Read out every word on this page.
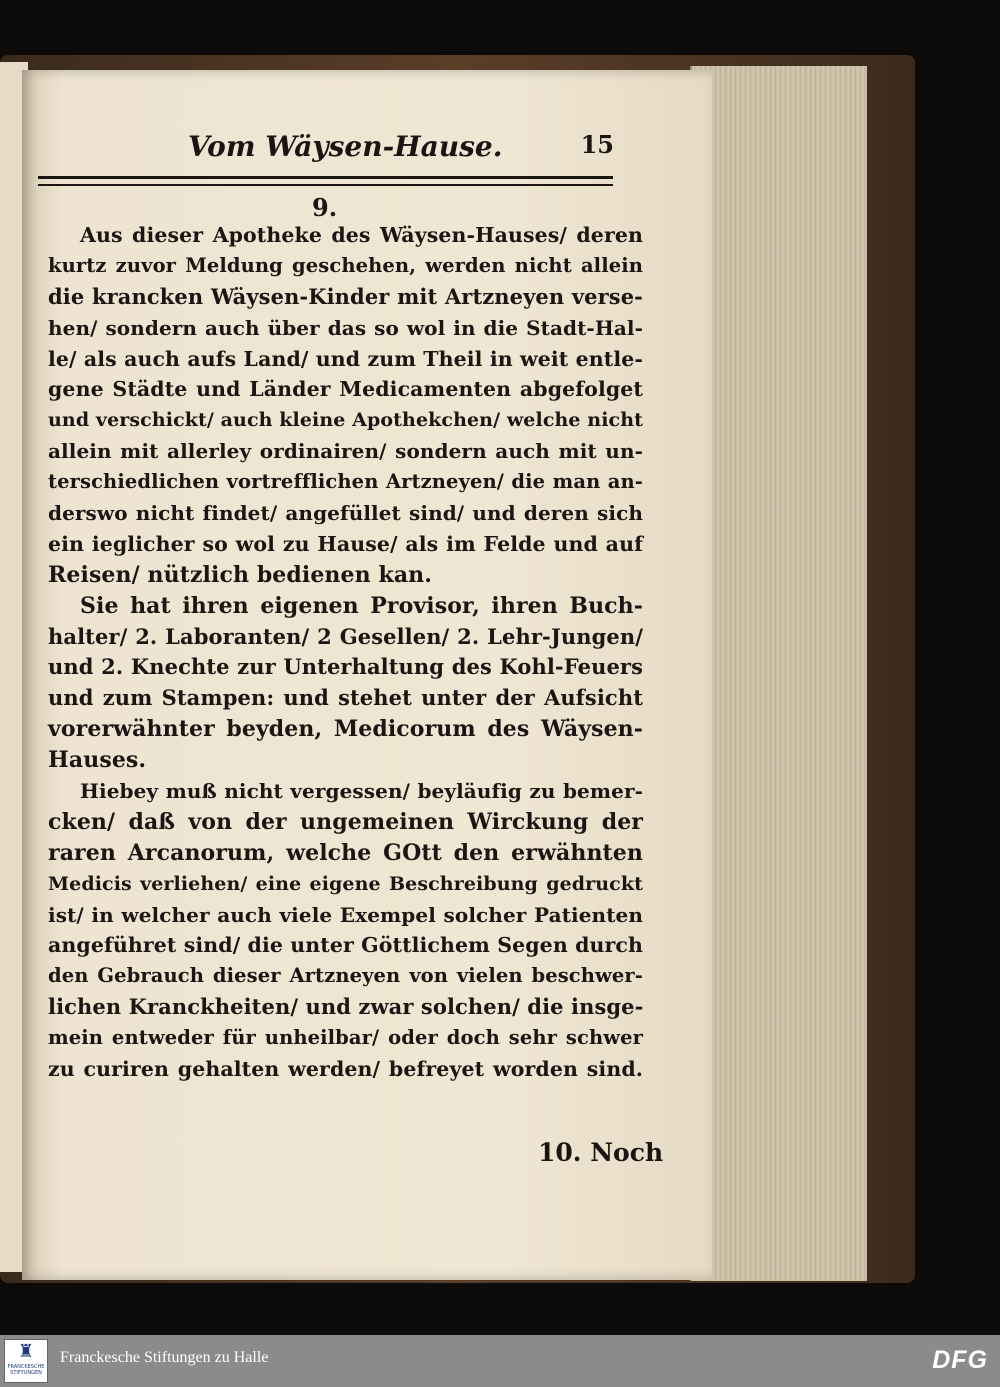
Vom Wäysen-Hause.	15
9.
Aus dieser Apotheke des Wäysen-Hauses/ deren
kurtz zuvor Meldung geschehen, werden nicht allein
die krancken Wäysen-Kinder mit Artzneyen verse-
hen/ sondern auch über das so wol in die Stadt-Hal-
le/ als auch aufs Land/ und zum Theil in weit entle-
gene Städte und Länder Medicamenten abgefolget
und verschickt/ auch kleine Apothekchen/ welche nicht
allein mit allerley ordinairen/ sondern auch mit un-
terschiedlichen vortrefflichen Artzneyen/ die man an-
derswo nicht findet/ angefüllet sind/ und deren sich
ein ieglicher so wol zu Hause/ als im Felde und auf
Reisen/ nützlich bedienen kan.
Sie hat ihren eigenen Provisor, ihren Buch-
halter/ 2. Laboranten/ 2 Gesellen/ 2. Lehr-Jungen/
und 2. Knechte zur Unterhaltung des Kohl-Feuers
und zum Stampen: und stehet unter der Aufsicht
vorerwähnter beyden, Medicorum des Wäysen-
Hauses.
Hiebey muß nicht vergessen/ beyläufig zu bemer-
cken/ daß von der ungemeinen Wirckung der
raren Arcanorum, welche GOtt den erwähnten
Medicis verliehen/ eine eigene Beschreibung gedruckt
ist/ in welcher auch viele Exempel solcher Patienten
angeführet sind/ die unter Göttlichem Segen durch
den Gebrauch dieser Artzneyen von vielen beschwer-
lichen Kranckheiten/ und zwar solchen/ die insge-
mein entweder für unheilbar/ oder doch sehr schwer
zu curiren gehalten werden/ befreyet worden sind.
10. Noch
♜
FRANCKESCHE STIFTUNGEN
Franckesche Stiftungen zu Halle	DFG
